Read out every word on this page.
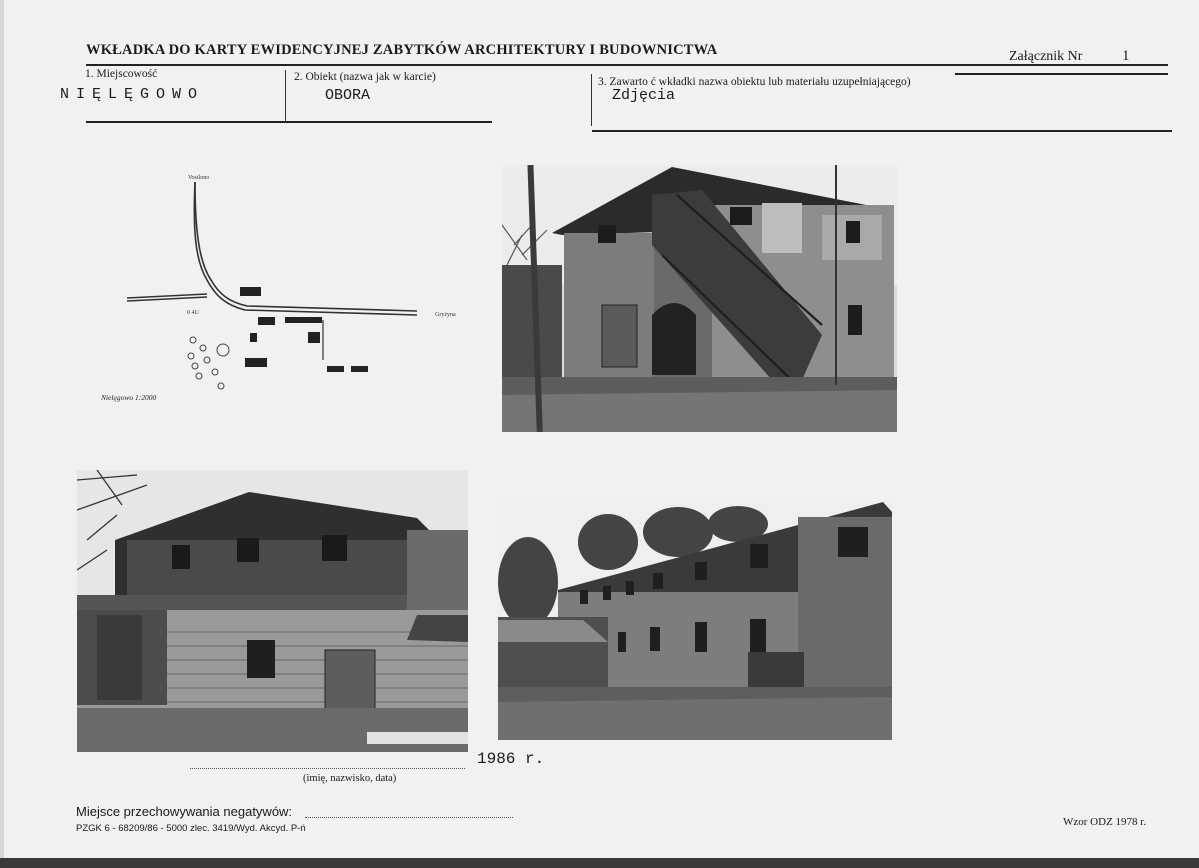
WKŁADKA DO KARTY EWIDENCYJNEJ ZABYTKÓW ARCHITEKTURY I BUDOWNICTWA	Załącznik Nr	1
1. Miejscowość
NIĘLĘGOWO
2. Obiekt (nazwa jak w karcie)
OBORA
3. Zawarto ć wkładki nazwa obiektu lub materiału uzupełniającego)
Zdjęcia
Vosilono
Gryżyna
0 4U
Nielęgowo 1:2000
1986 r.
(imię, nazwisko, data)
Miejsce przechowywania negatywów:
PZGK 6 - 68209/86 - 5000 zlec. 3419/Wyd. Akcyd. P-ń
Wzor ODZ 1978 r.
